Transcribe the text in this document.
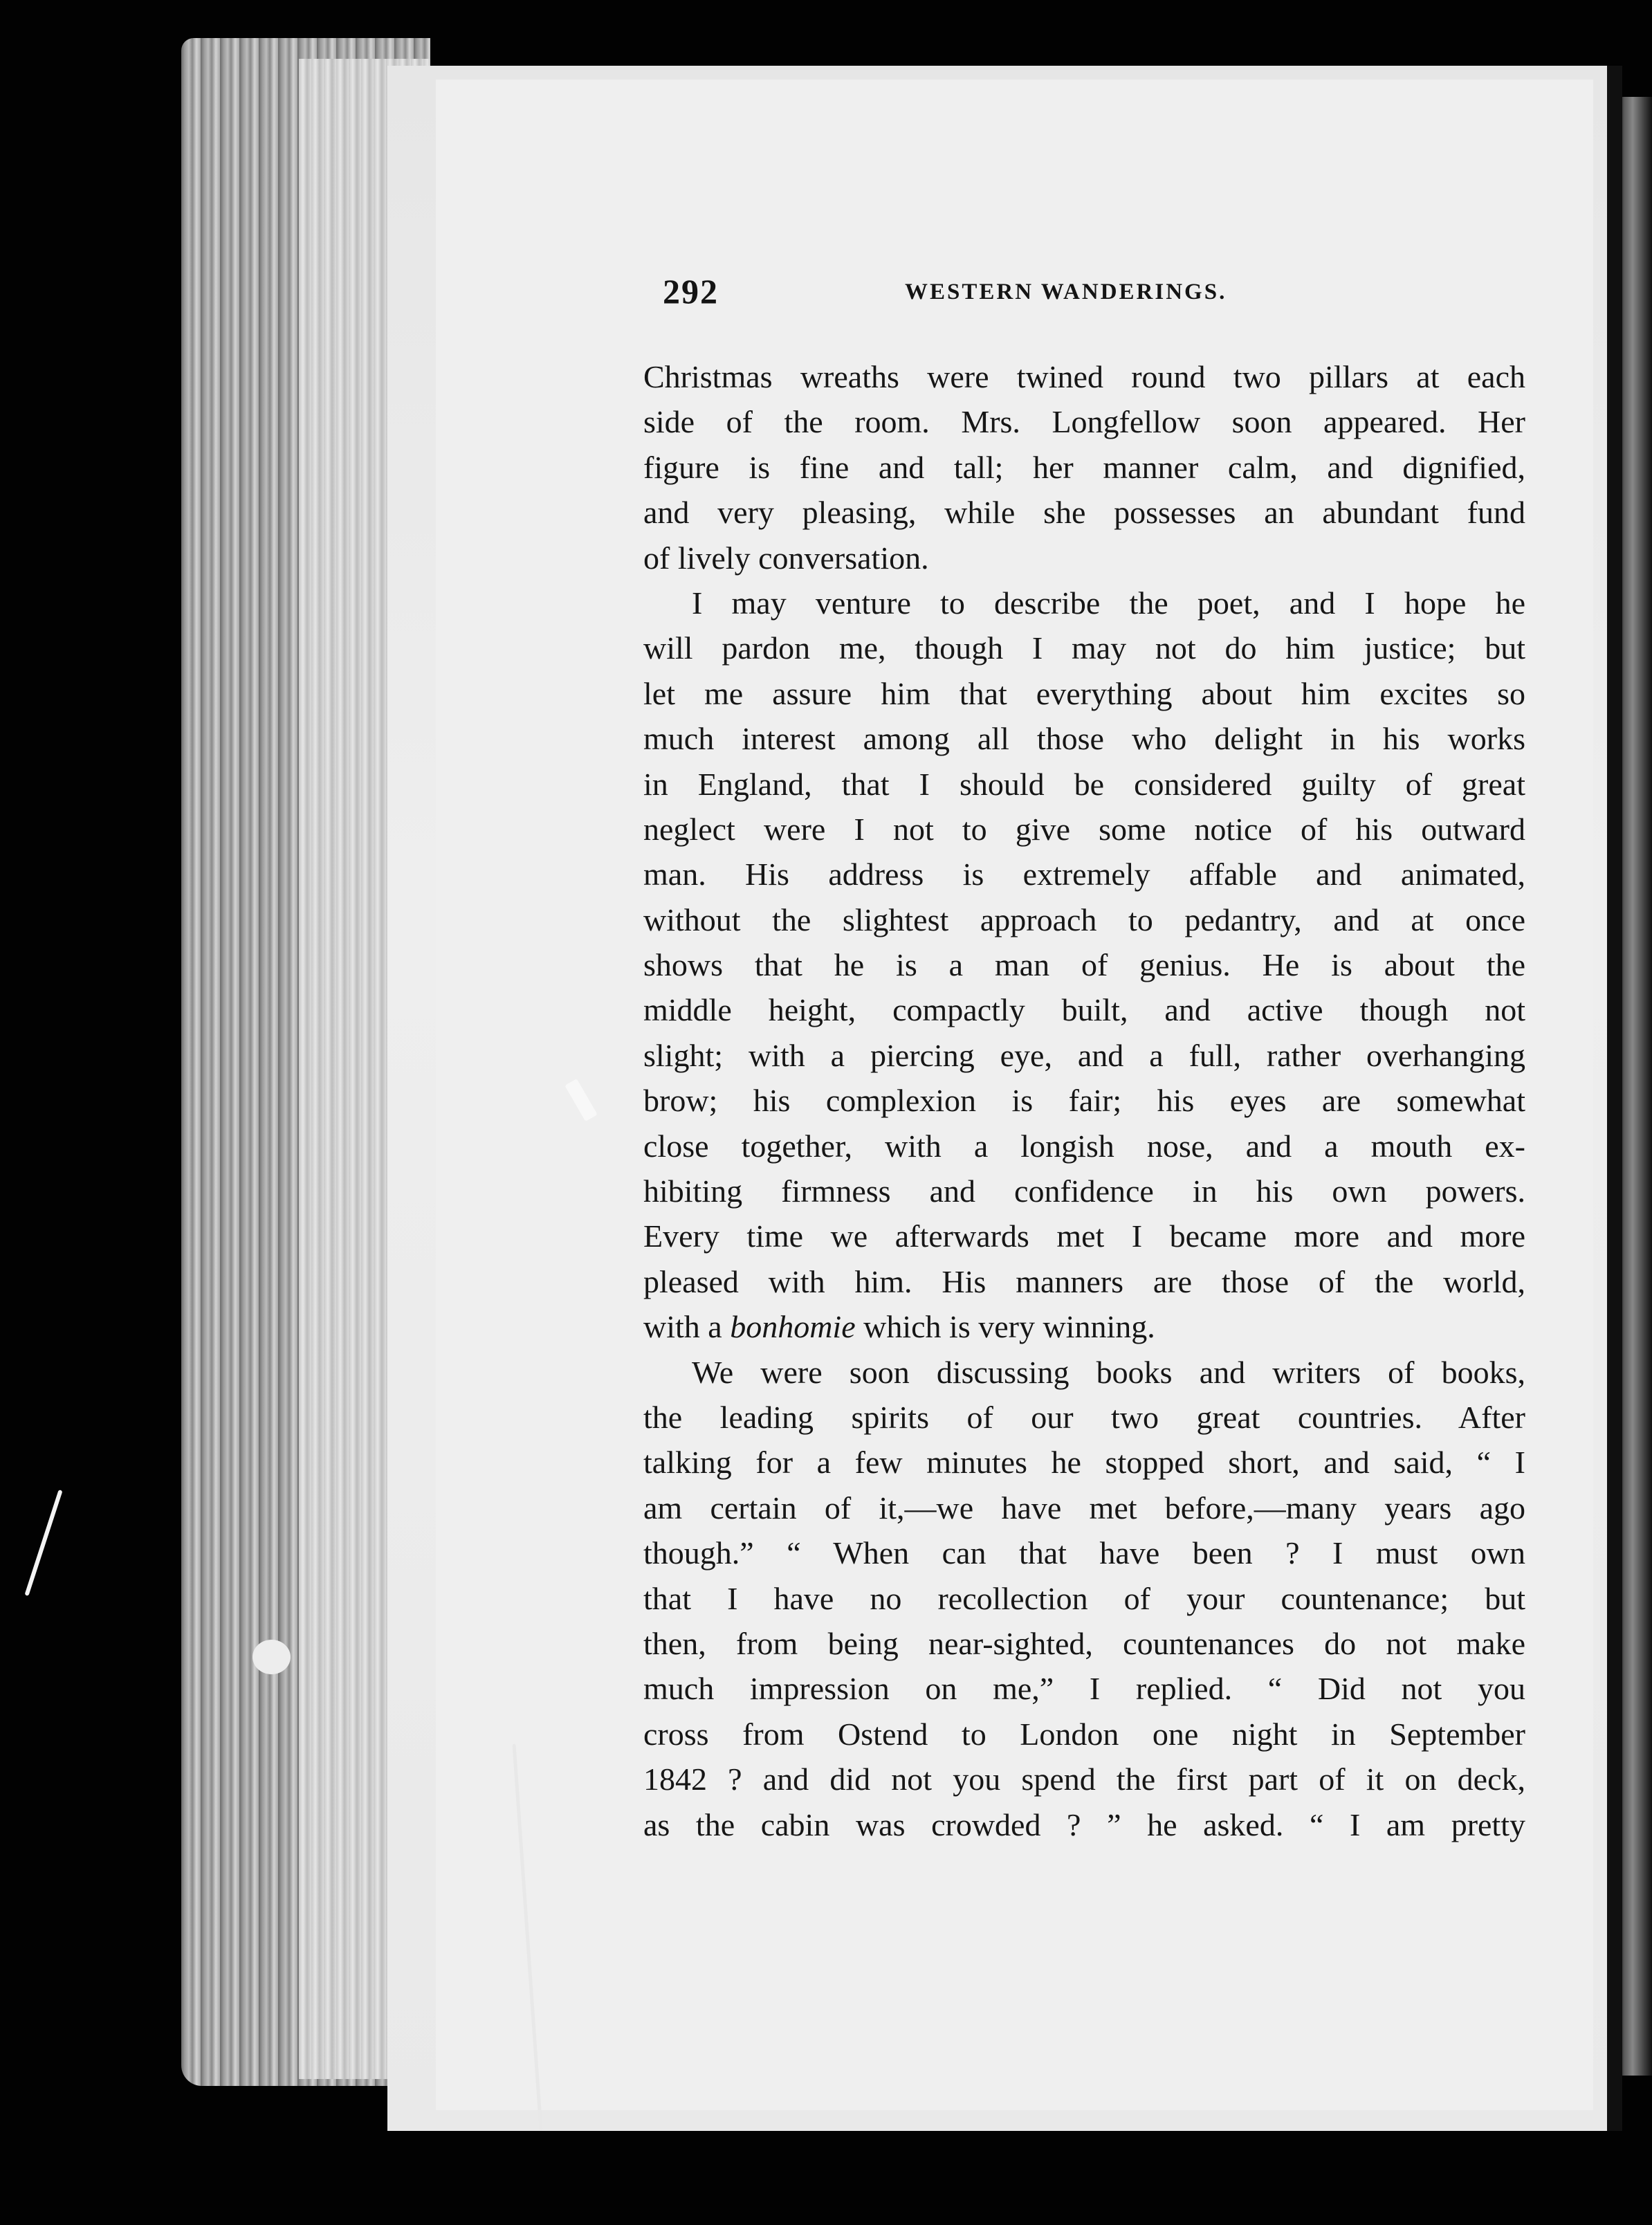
292	WESTERN WANDERINGS.
Christmas wreaths were twined round two pillars at each
side of the room. Mrs. Longfellow soon appeared. Her
figure is fine and tall; her manner calm, and dignified,
and very pleasing, while she possesses an abundant fund
of lively conversation.
I may venture to describe the poet, and I hope he
will pardon me, though I may not do him justice; but
let me assure him that everything about him excites so
much interest among all those who delight in his works
in England, that I should be considered guilty of great
neglect were I not to give some notice of his outward
man. His address is extremely affable and animated,
without the slightest approach to pedantry, and at once
shows that he is a man of genius. He is about the
middle height, compactly built, and active though not
slight; with a piercing eye, and a full, rather overhanging
brow; his complexion is fair; his eyes are somewhat
close together, with a longish nose, and a mouth ex-
hibiting firmness and confidence in his own powers.
Every time we afterwards met I became more and more
pleased with him. His manners are those of the world,
with a bonhomie which is very winning.
We were soon discussing books and writers of books,
the leading spirits of our two great countries. After
talking for a few minutes he stopped short, and said, “ I
am certain of it,—we have met before,—many years ago
though.” “ When can that have been ? I must own
that I have no recollection of your countenance; but
then, from being near-sighted, countenances do not make
much impression on me,” I replied. “ Did not you
cross from Ostend to London one night in September
1842 ? and did not you spend the first part of it on deck,
as the cabin was crowded ? ” he asked. “ I am pretty
